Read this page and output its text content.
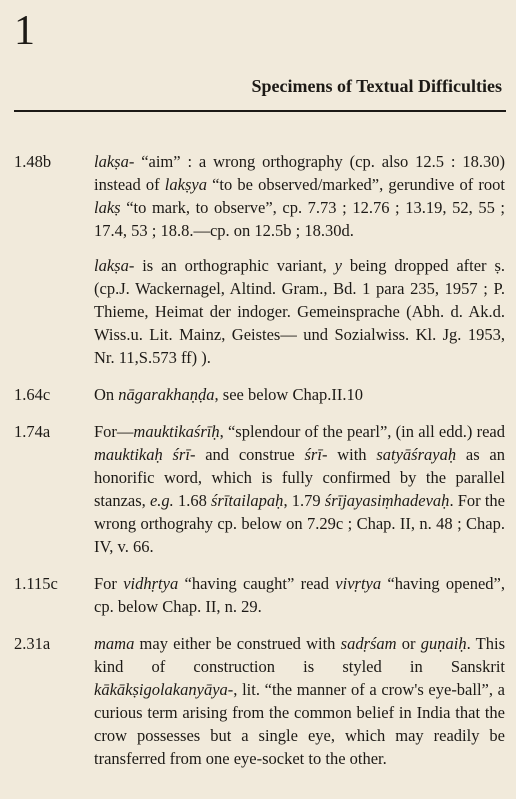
1
Specimens of Textual Difficulties
1.48b	lakṣa- “aim” : a wrong orthography (cp. also 12.5 : 18.30) instead of lakṣya “to be observed/marked”, gerundive of root lakṣ “to mark, to observe”, cp. 7.73 ; 12.76 ; 13.19, 52, 55 ; 17.4, 53 ; 18.8.—cp. on 12.5b ; 18.30d.

lakṣa- is an orthographic variant, y being dropped after ṣ. (cp.J. Wackernagel, Altind. Gram., Bd. 1 para 235, 1957 ; P. Thieme, Heimat der indoger. Gemeinsprache (Abh. d. Ak.d. Wiss.u. Lit. Mainz, Geistes— und Sozialwiss. Kl. Jg. 1953, Nr. 11,S.573 ff) ).

1.64c	On nāgarakhaṇḍa, see below Chap.II.10

1.74a	For—mauktikaśrīḥ, “splendour of the pearl”, (in all edd.) read mauktikaḥ śrī- and construe śrī- with satyāśrayaḥ as an honorific word, which is fully confirmed by the parallel stanzas, e.g. 1.68 śrītailapaḥ, 1.79 śrījayasiṃhadevaḥ. For the wrong orthograhy cp. below on 7.29c ; Chap. II, n. 48 ; Chap. IV, v. 66.

1.115c	For vidhṛtya “having caught” read vivṛtya “having opened”, cp. below Chap. II, n. 29.

2.31a	mama may either be construed with sadṛśam or guṇaiḥ. This kind of construction is styled in Sanskrit kākākṣigolakanyāya-, lit. “the manner of a crow's eye-ball”, a curious term arising from the common belief in India that the crow possesses but a single eye, which may readily be transferred from one eye-socket to the other.
